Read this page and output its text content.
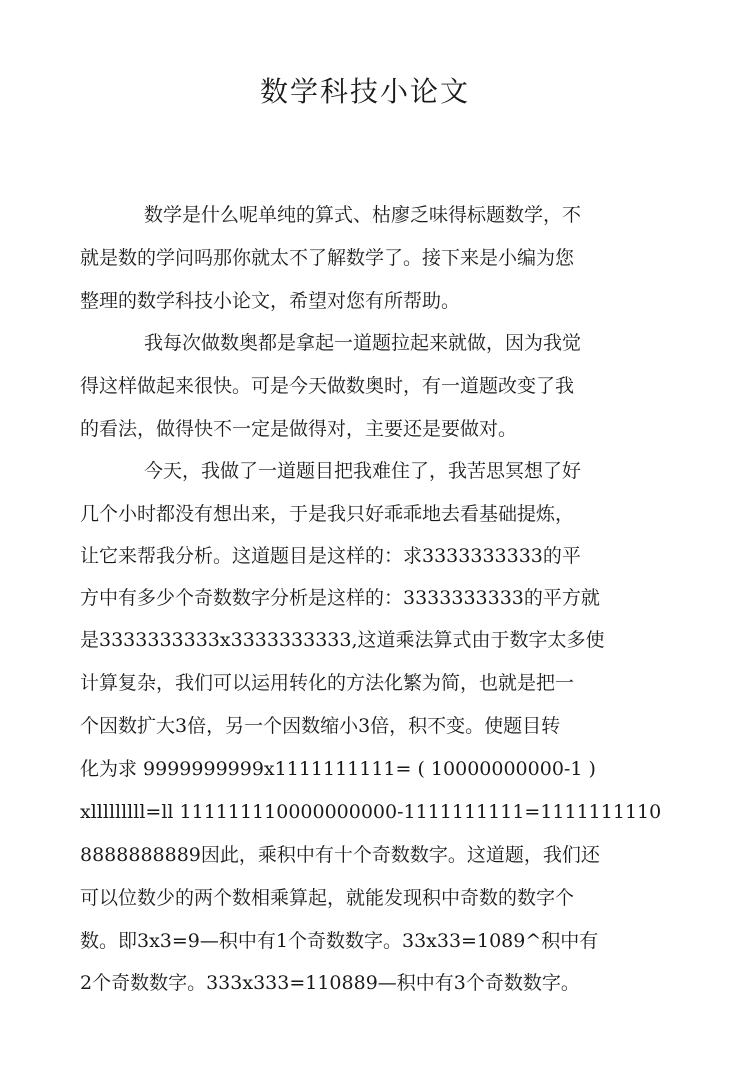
数学科技小论文

数学是什么呢单纯的算式、枯廖乏味得标题数学，不

就是数的学问吗那你就太不了解数学了。接下来是小编为您

整理的数学科技小论文，希望对您有所帮助。

我每次做数奥都是拿起一道题拉起来就做，因为我觉

得这样做起来很快。可是今天做数奥时，有一道题改变了我

的看法，做得快不一定是做得对，主要还是要做对。

今天，我做了一道题目把我难住了，我苦思冥想了好

几个小时都没有想出来，于是我只好乖乖地去看基础提炼，

让它来帮我分析。这道题目是这样的：求3333333333的平

方中有多少个奇数数字分析是这样的：3333333333的平方就

是3333333333x3333333333,这道乘法算式由于数字太多使

计算复杂，我们可以运用转化的方法化繁为简，也就是把一

个因数扩大3倍，另一个因数缩小3倍，积不变。使题目转

化为求 9999999999x1111111111= ( 10000000000-1 )

xlllllllll=ll 111111110000000000-1111111111=1111111110

8888888889因此，乘积中有十个奇数数字。这道题，我们还

可以位数少的两个数相乘算起，就能发现积中奇数的数字个

数。即3x3=9—积中有1个奇数数字。33x33=1089^积中有

2个奇数数字。333x333=110889—积中有3个奇数数字。
